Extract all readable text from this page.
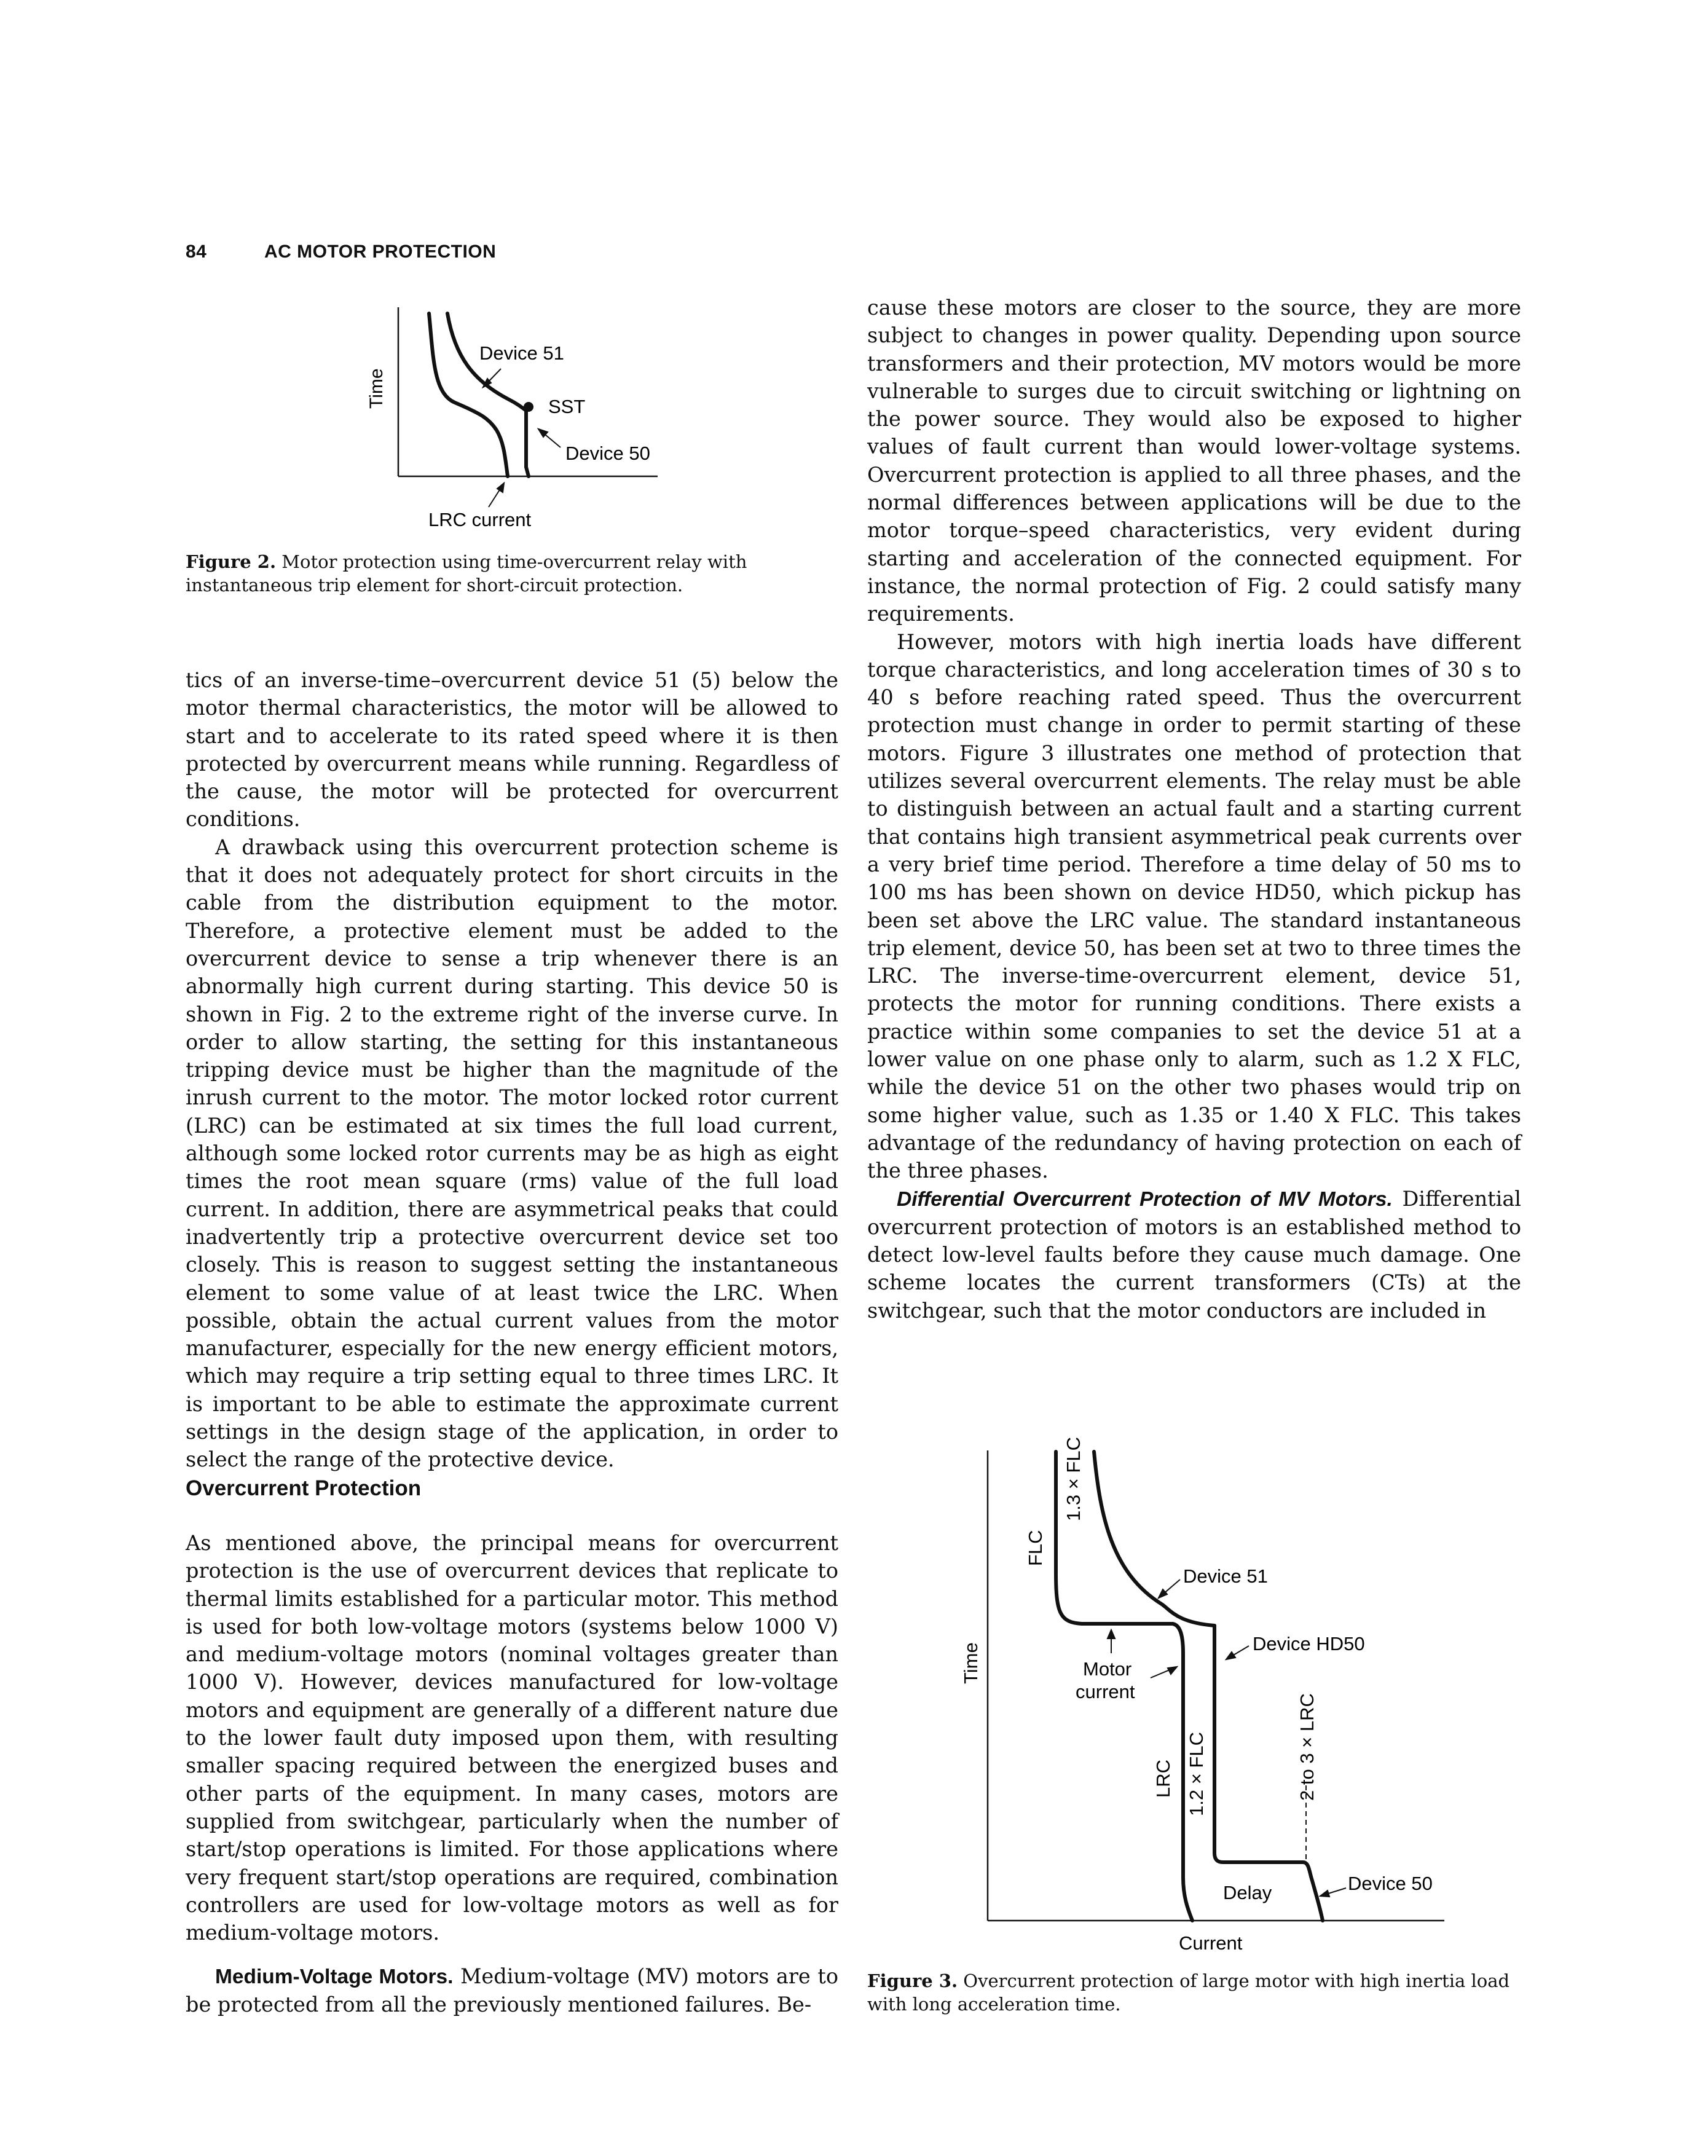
84	AC MOTOR PROTECTION
Time
Device 51
SST
Device 50
LRC current
Figure 2. Motor protection using time-overcurrent relay with instantaneous trip element for short-circuit protection.

tics of an inverse-time–overcurrent device 51 (5) below the motor thermal characteristics, the motor will be allowed to start and to accelerate to its rated speed where it is then protected by overcurrent means while running. Regardless of the cause, the motor will be protected for overcurrent conditions.

A drawback using this overcurrent protection scheme is that it does not adequately protect for short circuits in the cable from the distribution equipment to the motor. Therefore, a protective element must be added to the overcurrent device to sense a trip whenever there is an abnormally high current during starting. This device 50 is shown in Fig. 2 to the extreme right of the inverse curve. In order to allow starting, the setting for this instantaneous tripping device must be higher than the magnitude of the inrush current to the motor. The motor locked rotor current (LRC) can be estimated at six times the full load current, although some locked rotor currents may be as high as eight times the root mean square (rms) value of the full load current. In addition, there are asymmetrical peaks that could inadvertently trip a protective overcurrent device set too closely. This is reason to suggest setting the instantaneous element to some value of at least twice the LRC. When possible, obtain the actual current values from the motor manufacturer, especially for the new energy efficient motors, which may require a trip setting equal to three times LRC. It is important to be able to estimate the approximate current settings in the design stage of the application, in order to select the range of the protective device.

Overcurrent Protection

As mentioned above, the principal means for overcurrent protection is the use of overcurrent devices that replicate to thermal limits established for a particular motor. This method is used for both low-voltage motors (systems below 1000 V) and medium-voltage motors (nominal voltages greater than 1000 V). However, devices manufactured for low-voltage motors and equipment are generally of a different nature due to the lower fault duty imposed upon them, with resulting smaller spacing required between the energized buses and other parts of the equipment. In many cases, motors are supplied from switchgear, particularly when the number of start/stop operations is limited. For those applications where very frequent start/stop operations are required, combination controllers are used for low-voltage motors as well as for medium-voltage motors.

Medium-Voltage Motors. Medium-voltage (MV) motors are to be protected from all the previously mentioned failures. Be-

cause these motors are closer to the source, they are more subject to changes in power quality. Depending upon source transformers and their protection, MV motors would be more vulnerable to surges due to circuit switching or lightning on the power source. They would also be exposed to higher values of fault current than would lower-voltage systems. Overcurrent protection is applied to all three phases, and the normal differences between applications will be due to the motor torque–speed characteristics, very evident during starting and acceleration of the connected equipment. For instance, the normal protection of Fig. 2 could satisfy many requirements.

However, motors with high inertia loads have different torque characteristics, and long acceleration times of 30 s to 40 s before reaching rated speed. Thus the overcurrent protection must change in order to permit starting of these motors. Figure 3 illustrates one method of protection that utilizes several overcurrent elements. The relay must be able to distinguish between an actual fault and a starting current that contains high transient asymmetrical peak currents over a very brief time period. Therefore a time delay of 50 ms to 100 ms has been shown on device HD50, which pickup has been set above the LRC value. The standard instantaneous trip element, device 50, has been set at two to three times the LRC. The inverse-time-overcurrent element, device 51, protects the motor for running conditions. There exists a practice within some companies to set the device 51 at a lower value on one phase only to alarm, such as 1.2 X FLC, while the device 51 on the other two phases would trip on some higher value, such as 1.35 or 1.40 X FLC. This takes advantage of the redundancy of having protection on each of the three phases.

Differential Overcurrent Protection of MV Motors. Differential overcurrent protection of motors is an established method to detect low-level faults before they cause much damage. One scheme locates the current transformers (CTs) at the switchgear, such that the motor conductors are included in

Time
Current
FLC
1.3 × FLC
Device 51
Device HD50
Motor
current
LRC 1.2 × FLC	2 to 3 × LRC
Delay	Device 50
Figure 3. Overcurrent protection of large motor with high inertia load with long acceleration time.
